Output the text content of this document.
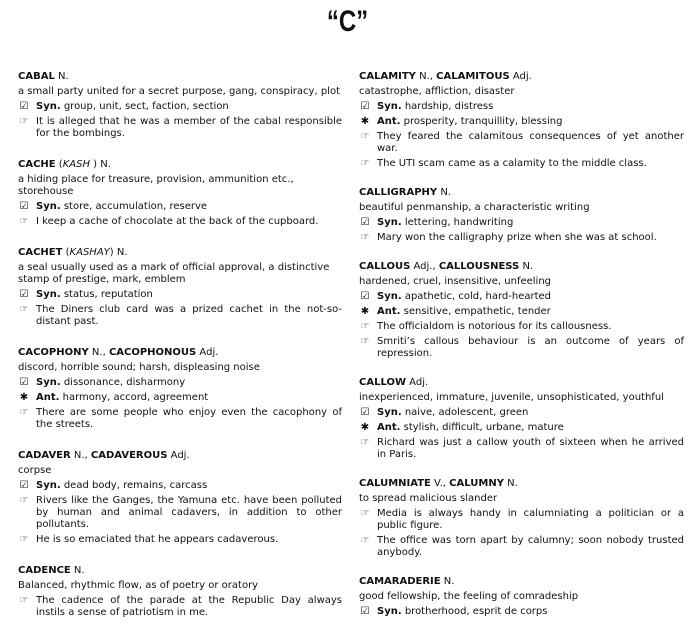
“C”
CABAL N.
a small party united for a secret purpose, gang, conspiracy, plot
☑ Syn. group, unit, sect, faction, section
☞ It is alleged that he was a member of the cabal responsible for the bombings.
CACHE (KASH ) N.
a hiding place for treasure, provision, ammunition etc., storehouse
☑ Syn. store, accumulation, reserve
☞ I keep a cache of chocolate at the back of the cupboard.
CACHET (KASHAY) N.
a seal usually used as a mark of official approval, a distinctive stamp of prestige, mark, emblem
☑ Syn. status, reputation
☞ The Diners club card was a prized cachet in the not-so-distant past.
CACOPHONY N., CACOPHONOUS Adj.
discord, horrible sound; harsh, displeasing noise
☑ Syn. dissonance, disharmony
✱ Ant. harmony, accord, agreement
☞ There are some people who enjoy even the cacophony of the streets.
CADAVER N., CADAVEROUS Adj.
corpse
☑ Syn. dead body, remains, carcass
☞ Rivers like the Ganges, the Yamuna etc. have been polluted by human and animal cadavers, in addition to other pollutants.
☞ He is so emaciated that he appears cadaverous.
CADENCE N.
Balanced, rhythmic flow, as of poetry or oratory
☞ The cadence of the parade at the Republic Day always instils a sense of patriotism in me.
CALAMITY N., CALAMITOUS Adj.
catastrophe, affliction, disaster
☑ Syn. hardship, distress
✱ Ant. prosperity, tranquillity, blessing
☞ They feared the calamitous consequences of yet another war.
☞ The UTI scam came as a calamity to the middle class.
CALLIGRAPHY N.
beautiful penmanship, a characteristic writing
☑ Syn. lettering, handwriting
☞ Mary won the calligraphy prize when she was at school.
CALLOUS Adj., CALLOUSNESS N.
hardened, cruel, insensitive, unfeeling
☑ Syn. apathetic, cold, hard-hearted
✱ Ant. sensitive, empathetic, tender
☞ The officialdom is notorious for its callousness.
☞ Smriti’s callous behaviour is an outcome of years of repression.
CALLOW Adj.
inexperienced, immature, juvenile, unsophisticated, youthful
☑ Syn. naive, adolescent, green
✱ Ant. stylish, difficult, urbane, mature
☞ Richard was just a callow youth of sixteen when he arrived in Paris.
CALUMNIATE V., CALUMNY N.
to spread malicious slander
☞ Media is always handy in calumniating a politician or a public figure.
☞ The office was torn apart by calumny; soon nobody trusted anybody.
CAMARADERIE N.
good fellowship, the feeling of comradeship
☑ Syn. brotherhood, esprit de corps
